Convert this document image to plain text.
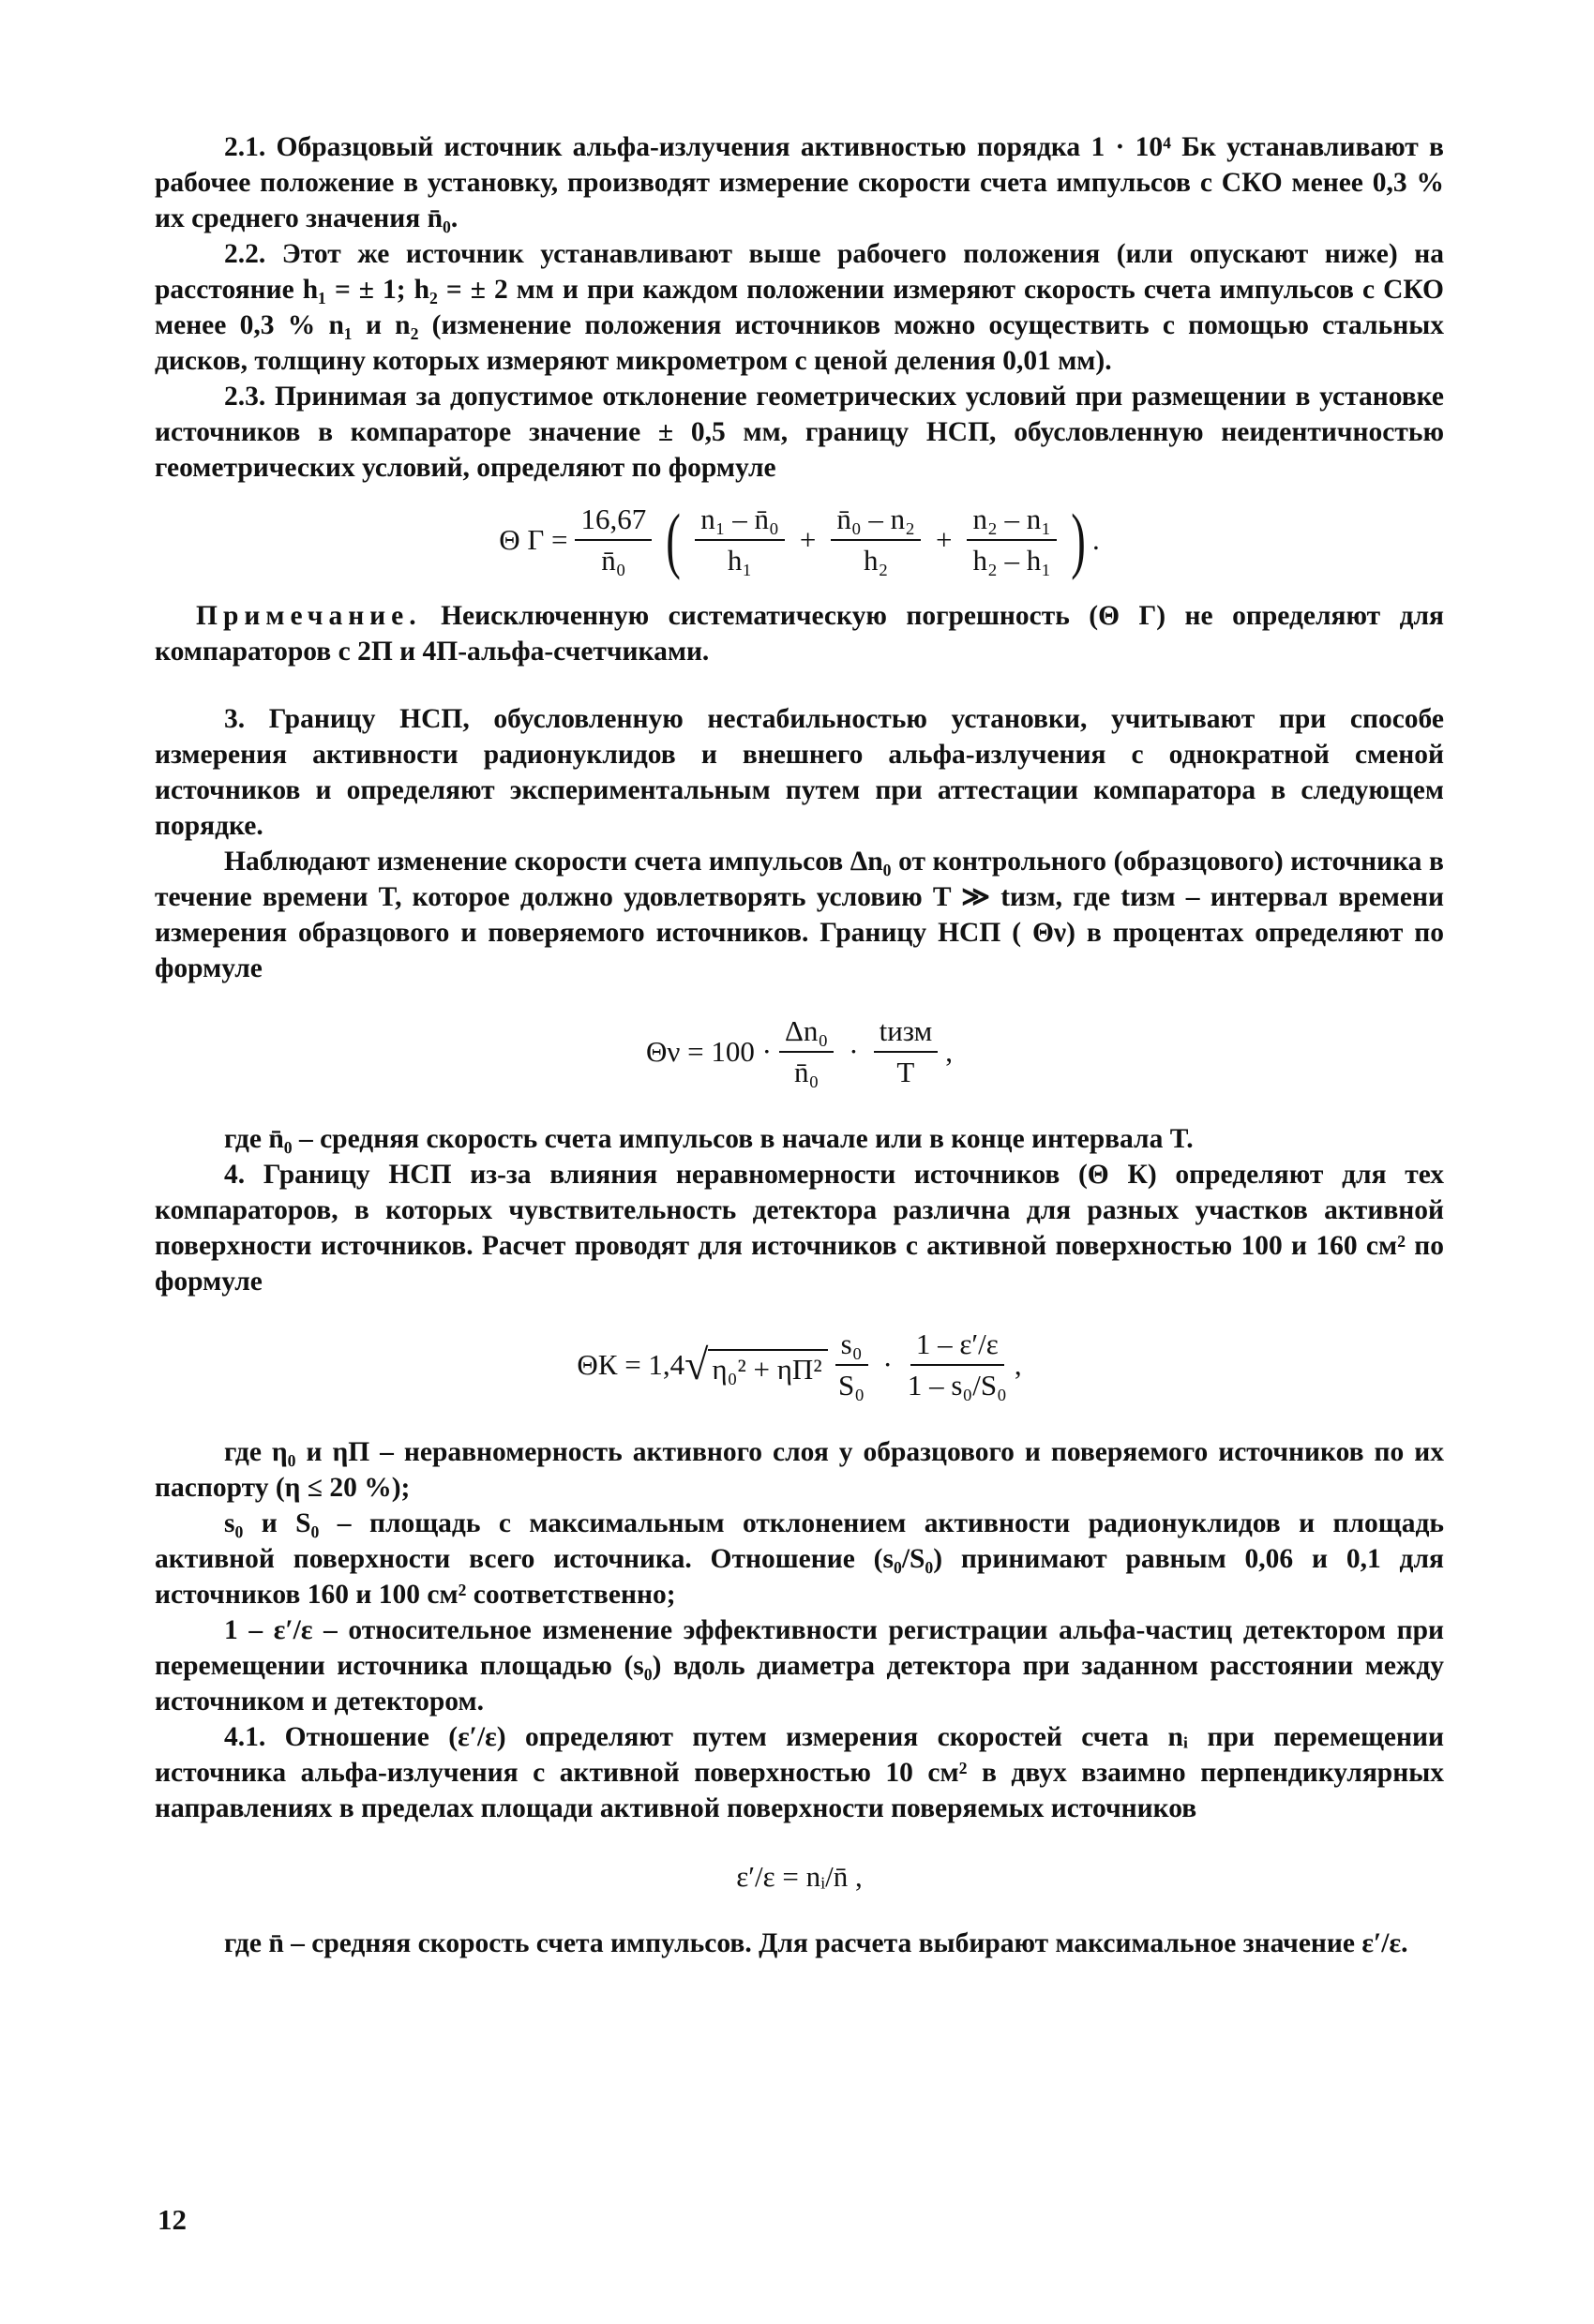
2.1. Образцовый источник альфа-излучения активностью порядка 1 · 10⁴ Бк устанавливают в рабочее положение в установку, производят измерение скорости счета импульсов с СКО менее 0,3 % их среднего значения n̄₀.

2.2. Этот же источник устанавливают выше рабочего положения (или опускают ниже) на расстояние h₁ = ± 1; h₂ = ± 2 мм и при каждом положении измеряют скорость счета импульсов с СКО менее 0,3 % n₁ и n₂ (изменение положения источников можно осуществить с помощью стальных дисков, толщину которых измеряют микрометром с ценой деления 0,01 мм).

2.3. Принимая за допустимое отклонение геометрических условий при размещении в установке источников в компараторе значение ± 0,5 мм, границу НСП, обусловленную неидентичностью геометрических условий, определяют по формуле

Θ $Г = \frac{16,67}{\text{n̄₀}}$ ( $\frac{\text{n₁ – n̄₀}}{\text{h₁}} + \frac{\text{n̄₀ – n₂}}{\text{h₂}} + \frac{\text{n₂ – n₁}}{\text{h₂ – h₁}}$ ) .

Примечание. Неисключенную систематическую погрешность (Θ Г) не определяют для компараторов с 2П и 4П-альфа-счетчиками.

3. Границу НСП, обусловленную нестабильностью установки, учитывают при способе измерения активности радионуклидов и внешнего альфа-излучения с однократной сменой источников и определяют экспериментальным путем при аттестации компаратора в следующем порядке.

Наблюдают изменение скорости счета импульсов Δn₀ от контрольного (образцового) источника в течение времени T, которое должно удовлетворять условию T ≫ tизм, где tизм – интервал времени измерения образцового и поверяемого источников. Границу НСП ( Θν) в процентах определяют по формуле

$\Theta\nu = 100 \cdot \frac{\text{Δn₀}}{\text{n̄₀}} \cdot \frac{\text{tизм}}{T}$ ,

где n̄₀ – средняя скорость счета импульсов в начале или в конце интервала T.

4. Границу НСП из-за влияния неравномерности источников (Θ К) определяют для тех компараторов, в которых чувствительность детектора различна для разных участков активной поверхности источников. Расчет проводят для источников с активной поверхностью 100 и 160 см² по формуле

ΘК = 1,4 √ $\eta_0^2 + \eta П^2 \frac{\text{s₀}}{\text{S₀}} \cdot \frac{1 - \varepsilon'/\varepsilon}{\text{1 – s₀/S₀}}$ ,

где η₀ и ηП – неравномерность активного слоя у образцового и поверяемого источников по их паспорту (η ≤ 20 %);

s₀ и S₀ – площадь с максимальным отклонением активности радионуклидов и площадь активной поверхности всего источника. Отношение (s₀/S₀) принимают равным 0,06 и 0,1 для источников 160 и 100 см² соответственно;

1 – ε′/ε – относительное изменение эффективности регистрации альфа-частиц детектором при перемещении источника площадью (s₀) вдоль диаметра детектора при заданном расстоянии между источником и детектором.

4.1. Отношение (ε′/ε) определяют путем измерения скоростей счета nᵢ при перемещении источника альфа-излучения с активной поверхностью 10 см² в двух взаимно перпендикулярных направлениях в пределах площади активной поверхности поверяемых источников

ε′/ε = nᵢ/n̄ ,

где n̄ – средняя скорость счета импульсов. Для расчета выбирают максимальное значение ε′/ε.

12
